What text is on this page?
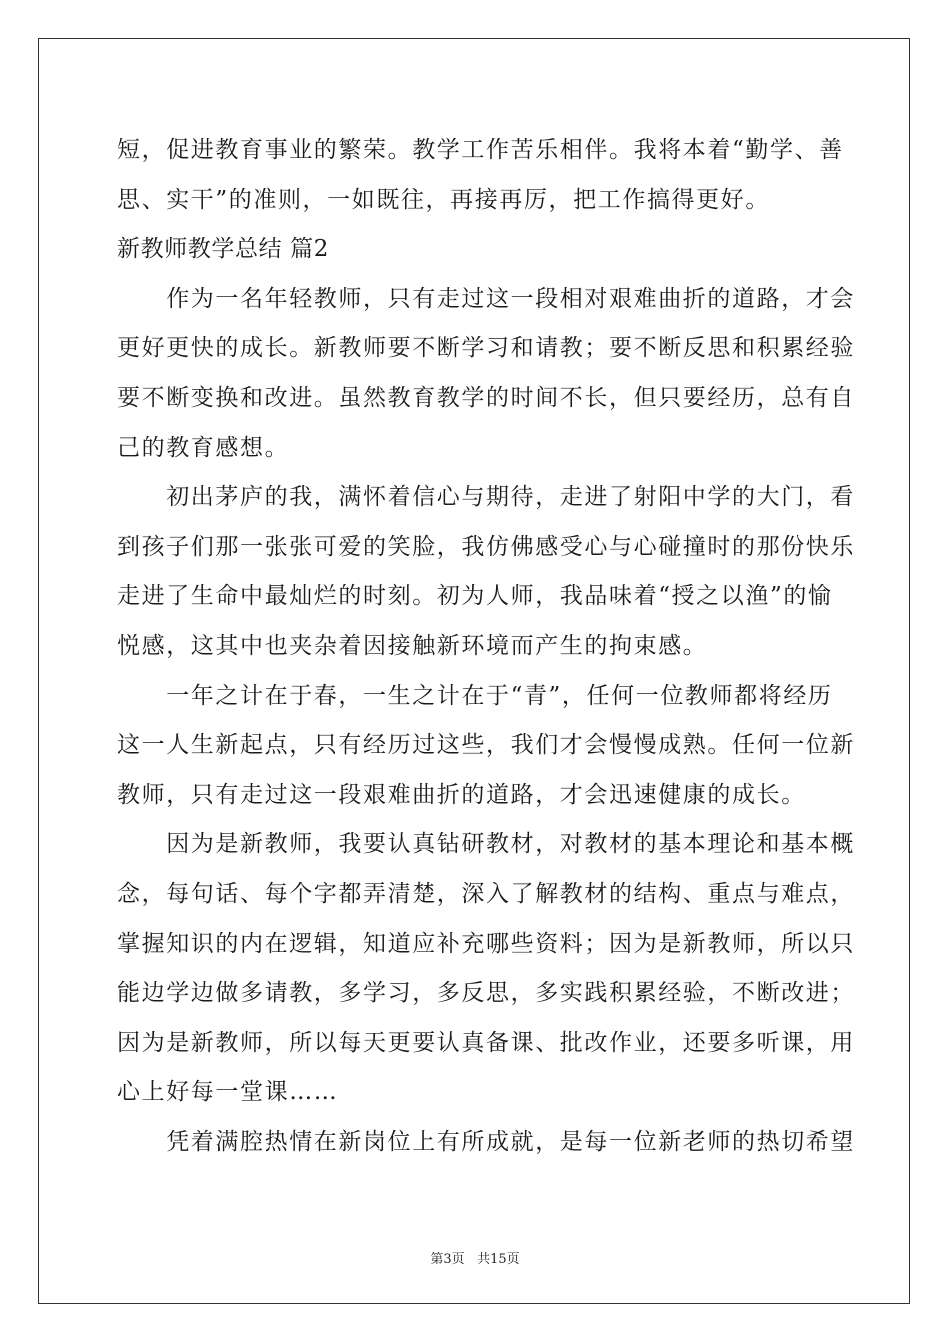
短，促进教育事业的繁荣。教学工作苦乐相伴。我将本着“勤学、善
思、实干”的准则，一如既往，再接再厉，把工作搞得更好。
新教师教学总结 篇2
　　作为一名年轻教师，只有走过这一段相对艰难曲折的道路，才会
更好更快的成长。新教师要不断学习和请教；要不断反思和积累经验
要不断变换和改进。虽然教育教学的时间不长，但只要经历，总有自
己的教育感想。
　　初出茅庐的我，满怀着信心与期待，走进了射阳中学的大门，看
到孩子们那一张张可爱的笑脸，我仿佛感受心与心碰撞时的那份快乐
走进了生命中最灿烂的时刻。初为人师，我品味着“授之以渔”的愉
悦感，这其中也夹杂着因接触新环境而产生的拘束感。
　　一年之计在于春，一生之计在于“青”，任何一位教师都将经历
这一人生新起点，只有经历过这些，我们才会慢慢成熟。任何一位新
教师，只有走过这一段艰难曲折的道路，才会迅速健康的成长。
　　因为是新教师，我要认真钻研教材，对教材的基本理论和基本概
念，每句话、每个字都弄清楚，深入了解教材的结构、重点与难点，
掌握知识的内在逻辑，知道应补充哪些资料；因为是新教师，所以只
能边学边做多请教，多学习，多反思，多实践积累经验，不断改进；
因为是新教师，所以每天更要认真备课、批改作业，还要多听课，用
心上好每一堂课……
　　凭着满腔热情在新岗位上有所成就，是每一位新老师的热切希望
第3页 共15页
